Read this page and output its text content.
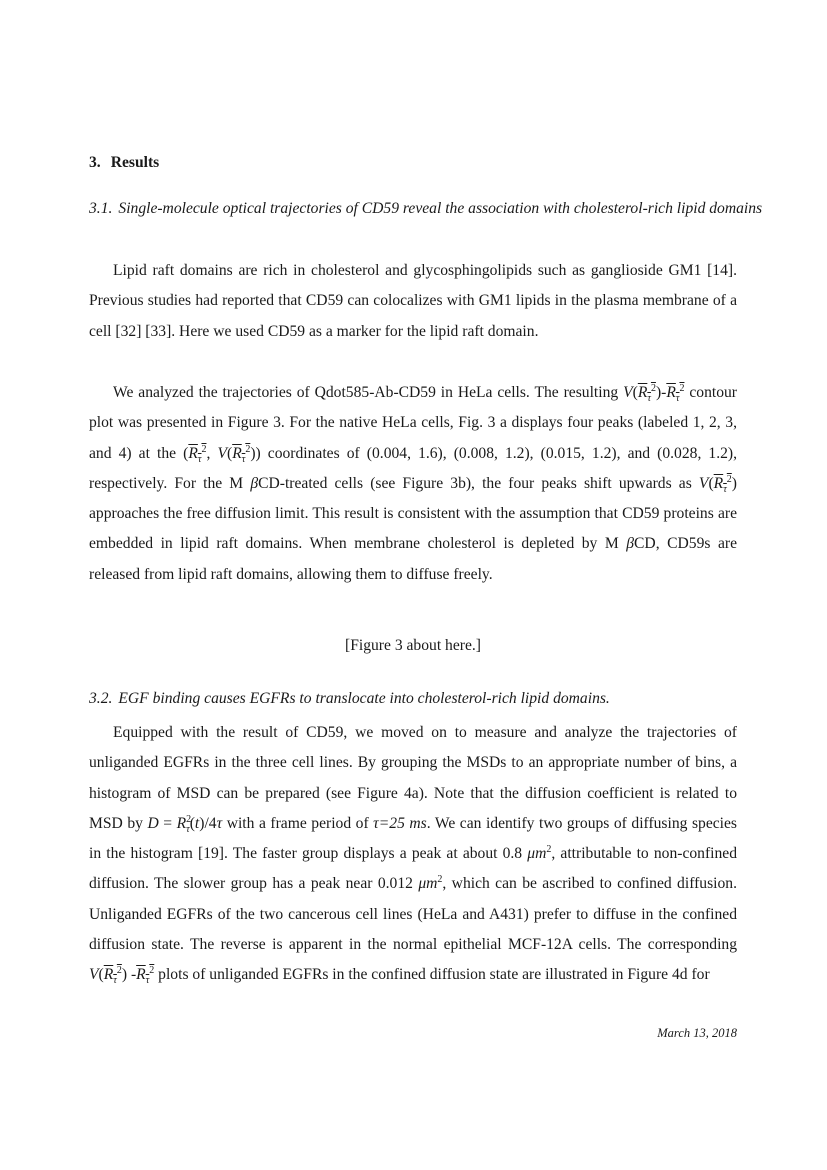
3. Results
3.1. Single-molecule optical trajectories of CD59 reveal the association with cholesterol-rich lipid domains
Lipid raft domains are rich in cholesterol and glycosphingolipids such as ganglioside GM1 [14]. Previous studies had reported that CD59 can colocalizes with GM1 lipids in the plasma membrane of a cell [32] [33]. Here we used CD59 as a marker for the lipid raft domain.
We analyzed the trajectories of Qdot585-Ab-CD59 in HeLa cells. The resulting $V(R_\tau^2)-R_\tau^2$ contour plot was presented in Figure 3. For the native HeLa cells, Fig. 3 a displays four peaks (labeled 1, 2, 3, and 4) at the ($R_\tau^2$, $V(R_\tau^2)$) coordinates of (0.004, 1.6), (0.008, 1.2), (0.015, 1.2), and (0.028, 1.2), respectively. For the M βCD-treated cells (see Figure 3b), the four peaks shift upwards as $V(R_\tau^2)$ approaches the free diffusion limit. This result is consistent with the assumption that CD59 proteins are embedded in lipid raft domains. When membrane cholesterol is depleted by M βCD, CD59s are released from lipid raft domains, allowing them to diffuse freely.
[Figure 3 about here.]
3.2. EGF binding causes EGFRs to translocate into cholesterol-rich lipid domains.
Equipped with the result of CD59, we moved on to measure and analyze the trajectories of unliganded EGFRs in the three cell lines. By grouping the MSDs to an appropriate number of bins, a histogram of MSD can be prepared (see Figure 4a). Note that the diffusion coefficient is related to MSD by $D = R^2_\tau(t)/4\tau$ with a frame period of τ=25 ms. We can identify two groups of diffusing species in the histogram [19]. The faster group displays a peak at about 0.8 $\mu m^2$, attributable to non-confined diffusion. The slower group has a peak near 0.012 $\mu m^2$, which can be ascribed to confined diffusion. Unliganded EGFRs of the two cancerous cell lines (HeLa and A431) prefer to diffuse in the confined diffusion state. The reverse is apparent in the normal epithelial MCF-12A cells. The corresponding $V(R_\tau^2)$ $-R_\tau^2$ plots of unliganded EGFRs in the confined diffusion state are illustrated in Figure 4d for
March 13, 2018
